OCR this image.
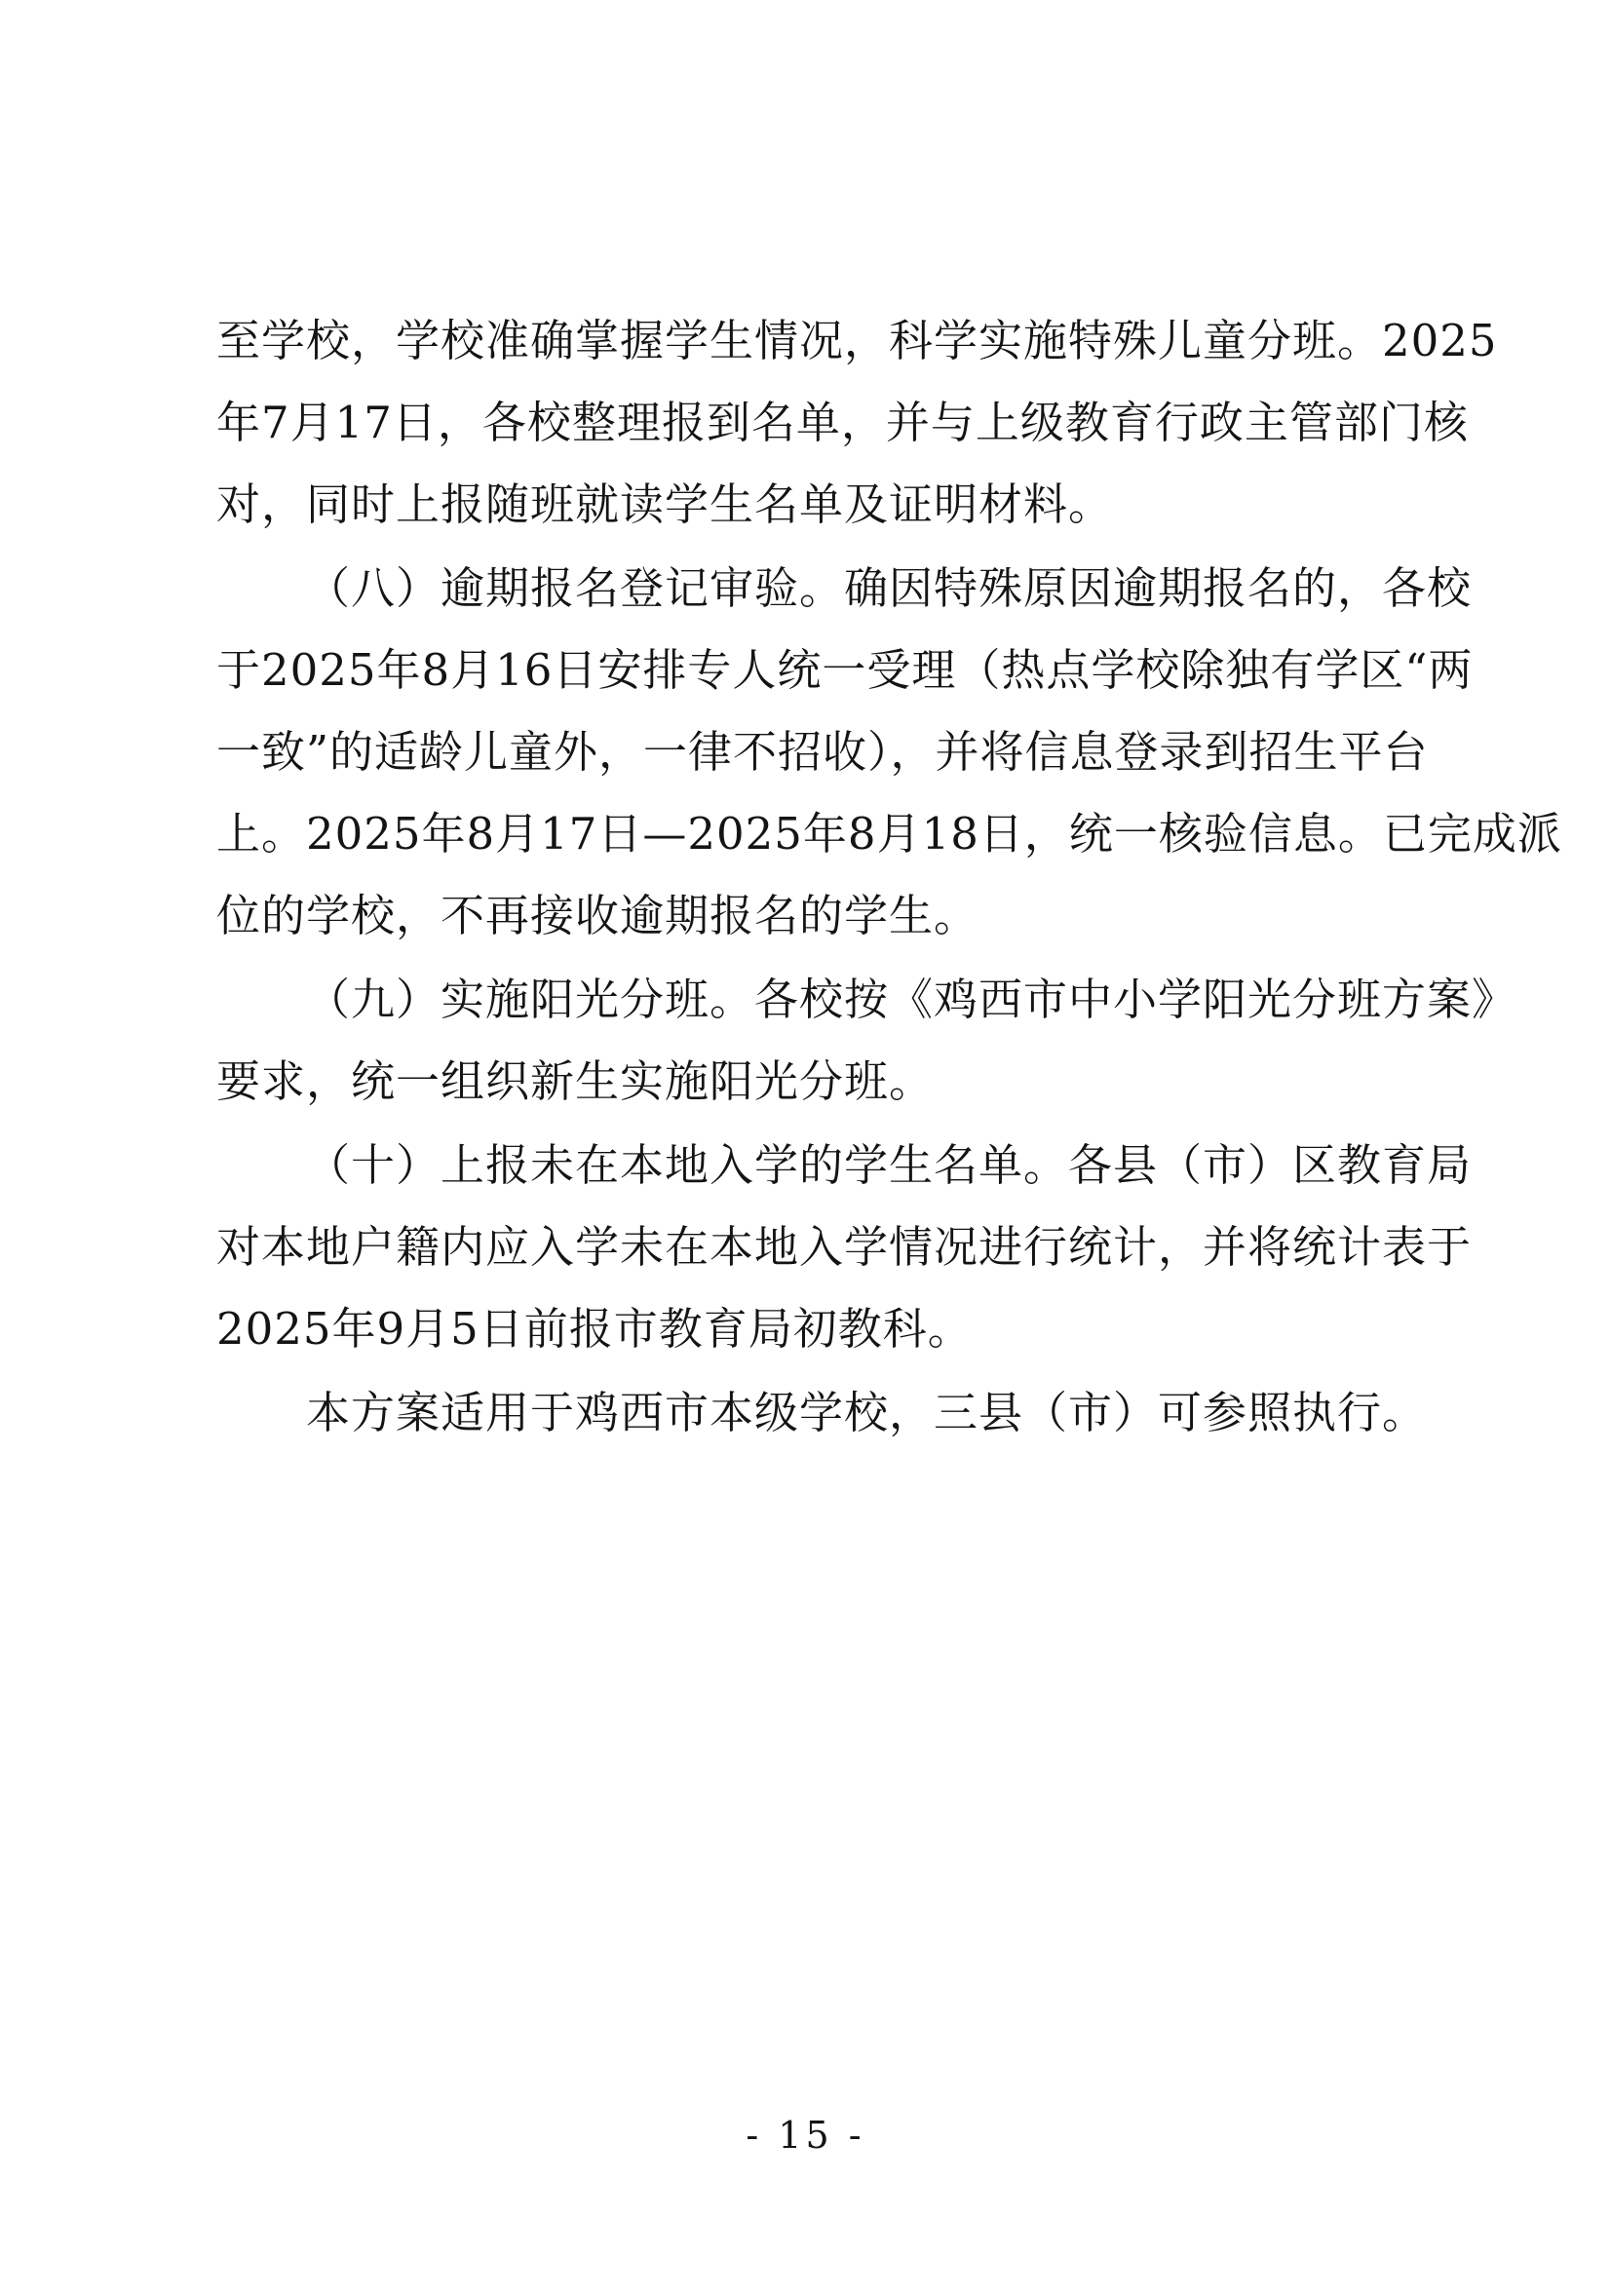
至学校，学校准确掌握学生情况，科学实施特殊儿童分班。2025
年7月17日，各校整理报到名单，并与上级教育行政主管部门核
对，同时上报随班就读学生名单及证明材料。
（八）逾期报名登记审验。确因特殊原因逾期报名的，各校
于2025年8月16日安排专人统一受理（热点学校除独有学区“两
一致”的适龄儿童外，一律不招收），并将信息登录到招生平台
上。2025年8月17日—2025年8月18日，统一核验信息。已完成派
位的学校，不再接收逾期报名的学生。
（九）实施阳光分班。各校按《鸡西市中小学阳光分班方案》
要求，统一组织新生实施阳光分班。
（十）上报未在本地入学的学生名单。各县（市）区教育局
对本地户籍内应入学未在本地入学情况进行统计，并将统计表于
2025年9月5日前报市教育局初教科。
本方案适用于鸡西市本级学校，三县（市）可参照执行。
- 15 -
